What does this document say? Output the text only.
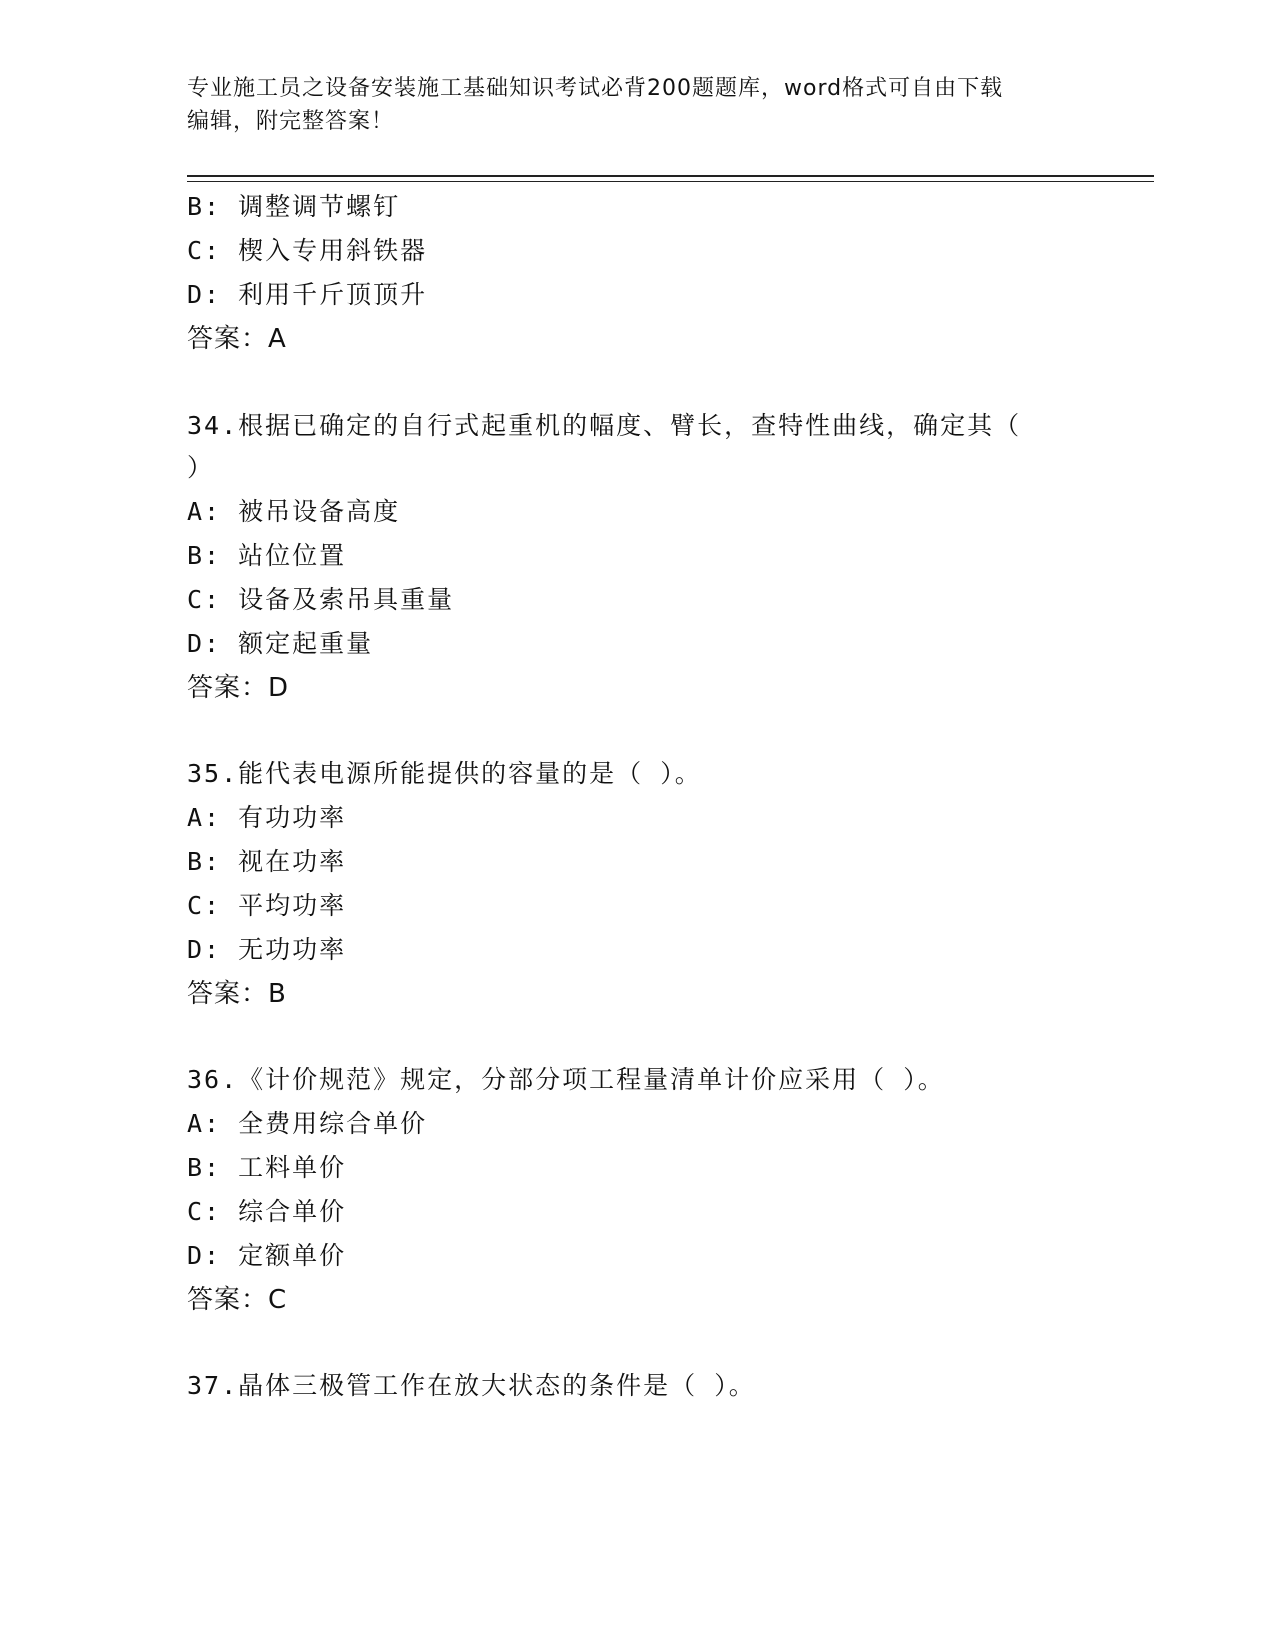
专业施工员之设备安装施工基础知识考试必背200题题库，word格式可自由下载
编辑，附完整答案！
B: 调整调节螺钉
C: 楔入专用斜铁器
D: 利用千斤顶顶升
答案：A
34.根据已确定的自行式起重机的幅度、臂长，查特性曲线，确定其（
）
A: 被吊设备高度
B: 站位位置
C: 设备及索吊具重量
D: 额定起重量
答案：D
35.能代表电源所能提供的容量的是（ ）。
A: 有功功率
B: 视在功率
C: 平均功率
D: 无功功率
答案：B
36.《计价规范》规定，分部分项工程量清单计价应采用（ ）。
A: 全费用综合单价
B: 工料单价
C: 综合单价
D: 定额单价
答案：C
37.晶体三极管工作在放大状态的条件是（ ）。
